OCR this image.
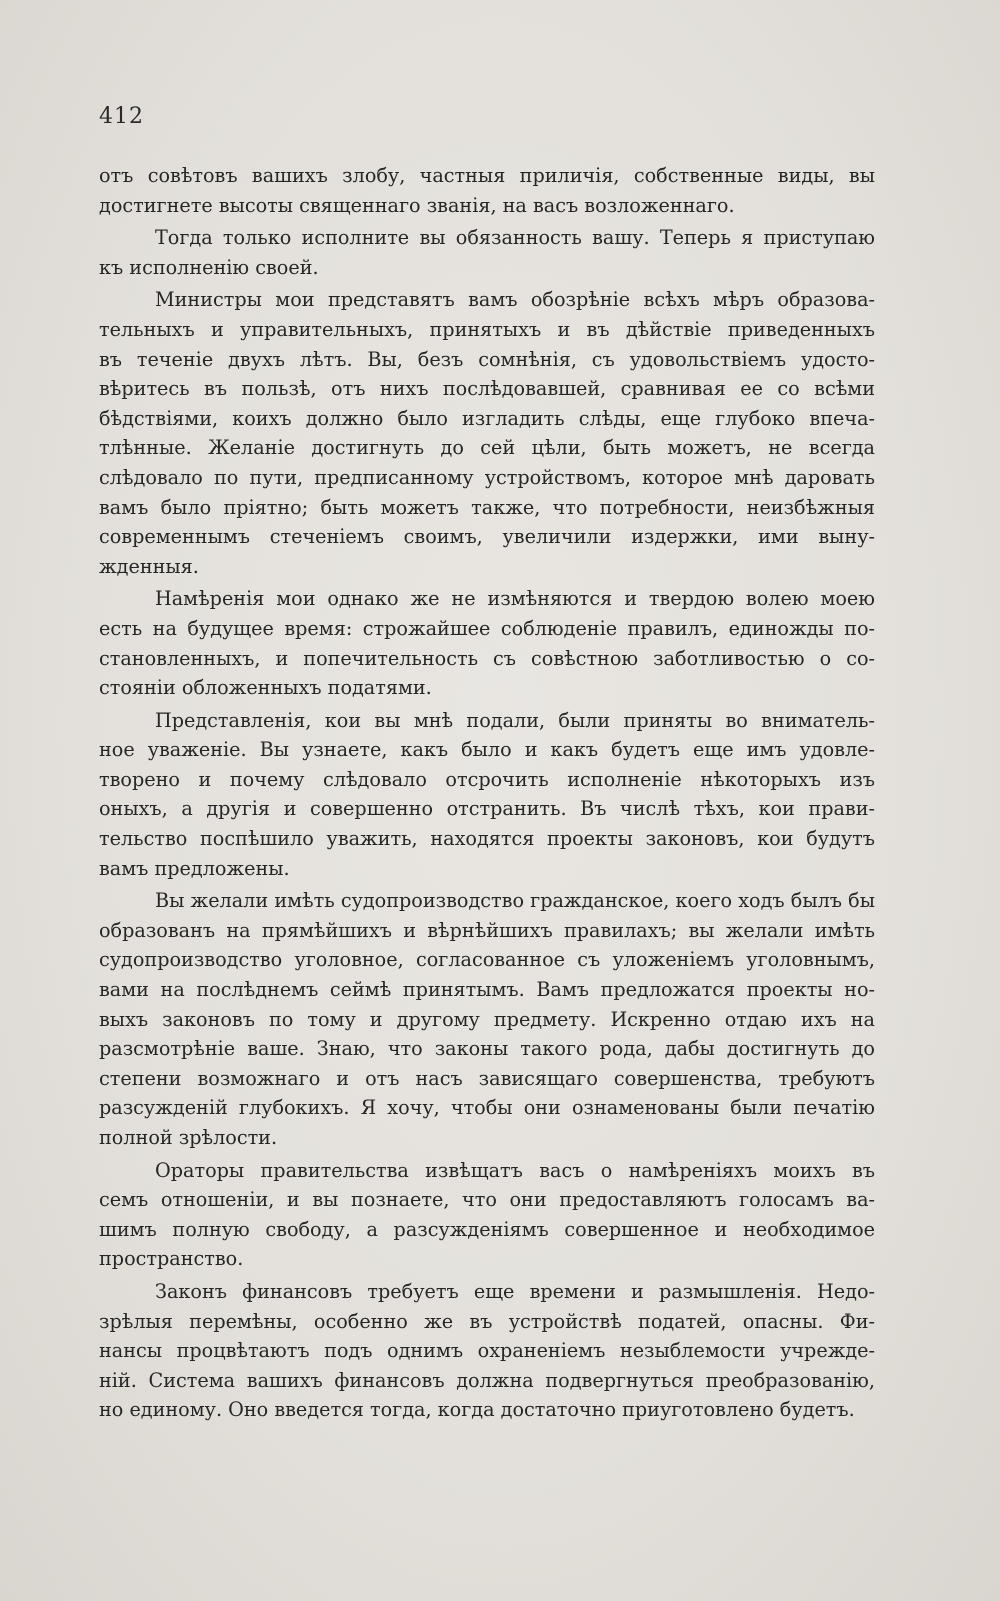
412
отъ совѣтовъ вашихъ злобу, частныя приличія, собственные виды, вы
достигнете высоты священнаго званія, на васъ возложеннаго.
Тогда только исполните вы обязанность вашу. Теперь я приступаю
къ исполненію своей.
Министры мои представятъ вамъ обозрѣніе всѣхъ мѣръ образова-
тельныхъ и управительныхъ, принятыхъ и въ дѣйствіе приведенныхъ
въ теченіе двухъ лѣтъ. Вы, безъ сомнѣнія, съ удовольствіемъ удосто-
вѣритесь въ пользѣ, отъ нихъ послѣдовавшей, сравнивая ее со всѣми
бѣдствіями, коихъ должно было изгладить слѣды, еще глубоко впеча-
тлѣнные. Желаніе достигнуть до сей цѣли, быть можетъ, не всегда
слѣдовало по пути, предписанному устройствомъ, которое мнѣ даровать
вамъ было пріятно; быть можетъ также, что потребности, неизбѣжныя
современнымъ стеченіемъ своимъ, увеличили издержки, ими выну-
жденныя.
Намѣренія мои однако же не измѣняются и твердою волею моею
есть на будущее время: строжайшее соблюденіе правилъ, единожды по-
становленныхъ, и попечительность съ совѣстною заботливостью о со-
стояніи обложенныхъ податями.
Представленія, кои вы мнѣ подали, были приняты во вниматель-
ное уваженіе. Вы узнаете, какъ было и какъ будетъ еще имъ удовле-
творено и почему слѣдовало отсрочить исполненіе нѣкоторыхъ изъ
оныхъ, а другія и совершенно отстранить. Въ числѣ тѣхъ, кои прави-
тельство поспѣшило уважить, находятся проекты законовъ, кои будутъ
вамъ предложены.
Вы желали имѣть судопроизводство гражданское, коего ходъ былъ бы
образованъ на прямѣйшихъ и вѣрнѣйшихъ правилахъ; вы желали имѣть
судопроизводство уголовное, согласованное съ уложеніемъ уголовнымъ,
вами на послѣднемъ сеймѣ принятымъ. Вамъ предложатся проекты но-
выхъ законовъ по тому и другому предмету. Искренно отдаю ихъ на
разсмотрѣніе ваше. Знаю, что законы такого рода, дабы достигнуть до
степени возможнаго и отъ насъ зависящаго совершенства, требуютъ
разсужденій глубокихъ. Я хочу, чтобы они ознаменованы были печатію
полной зрѣлости.
Ораторы правительства извѣщатъ васъ о намѣреніяхъ моихъ въ
семъ отношеніи, и вы познаете, что они предоставляютъ голосамъ ва-
шимъ полную свободу, а разсужденіямъ совершенное и необходимое
пространство.
Законъ финансовъ требуетъ еще времени и размышленія. Недо-
зрѣлыя перемѣны, особенно же въ устройствѣ податей, опасны. Фи-
нансы процвѣтаютъ подъ однимъ охраненіемъ незыблемости учрежде-
ній. Система вашихъ финансовъ должна подвергнуться преобразованію,
но единому. Оно введется тогда, когда достаточно приуготовлено будетъ.
